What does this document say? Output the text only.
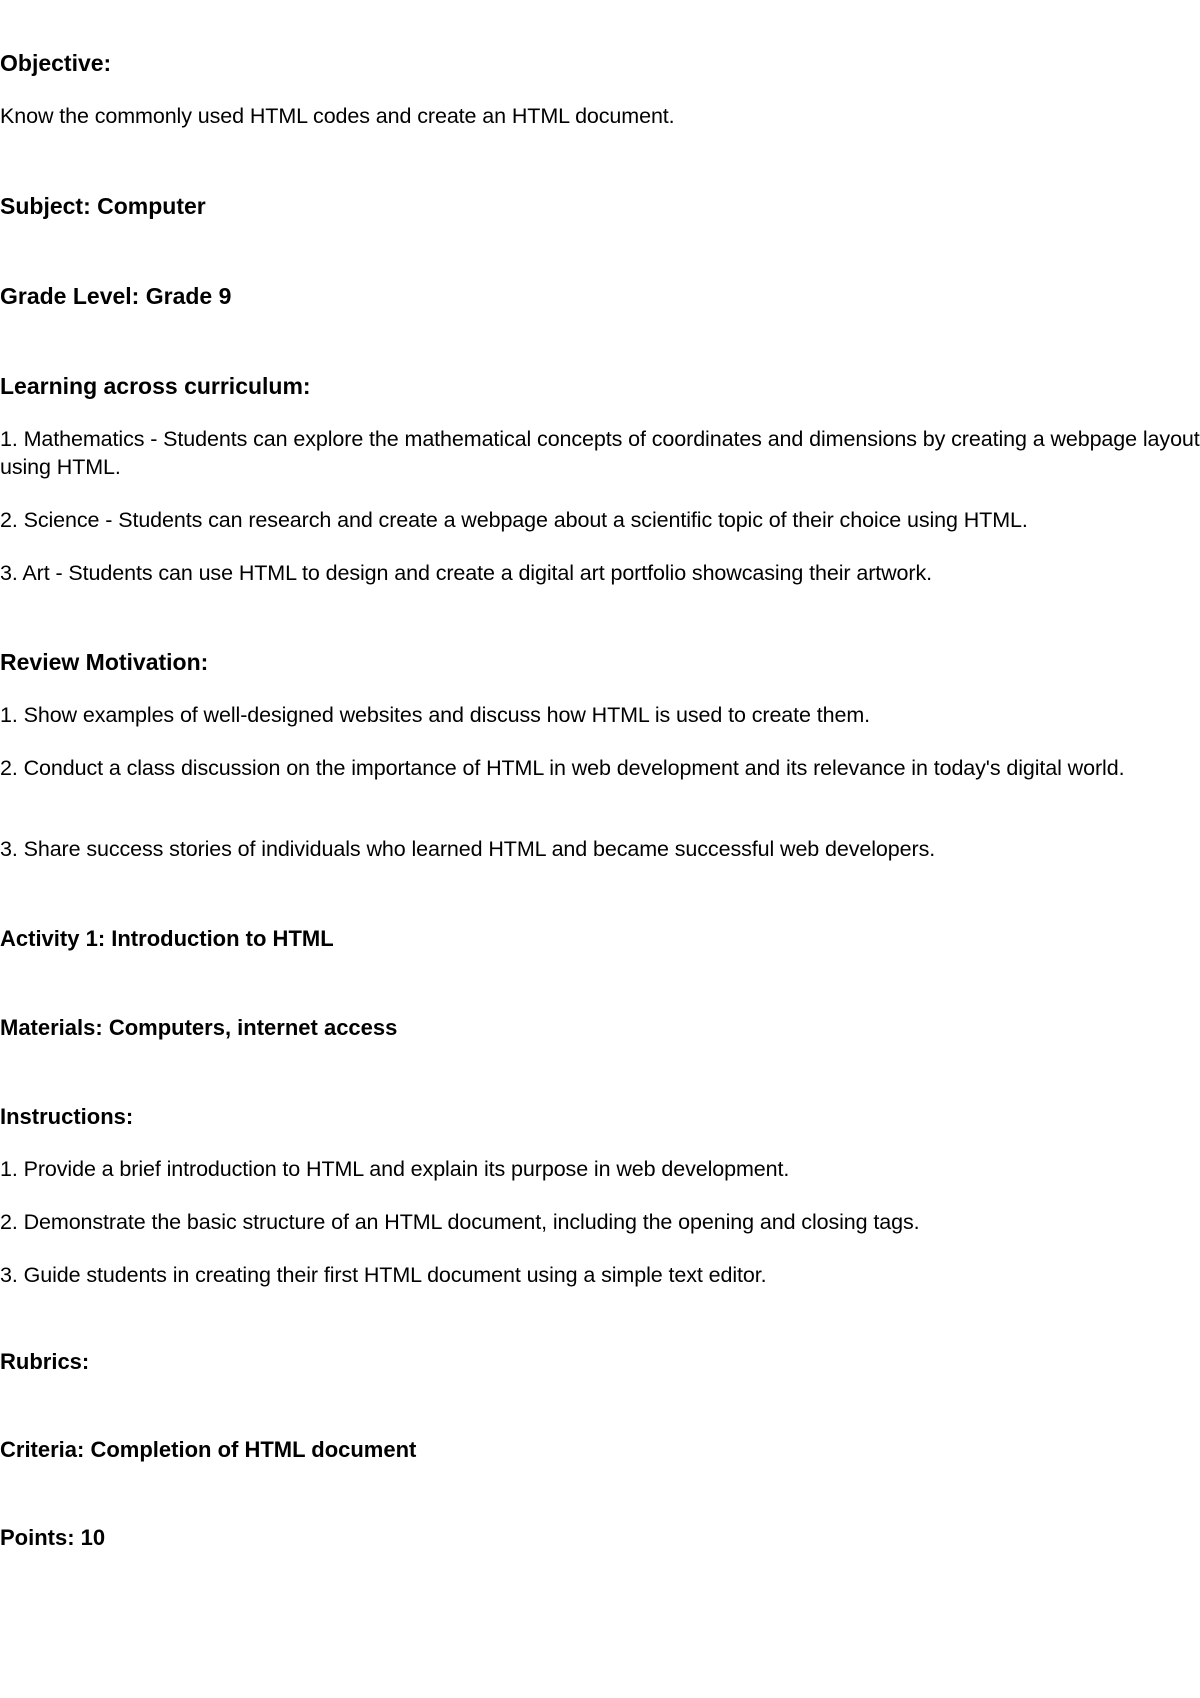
Objective:

Know the commonly used HTML codes and create an HTML document.

Subject: Computer

Grade Level: Grade 9

Learning across curriculum:

1. Mathematics - Students can explore the mathematical concepts of coordinates and dimensions by creating a webpage layout using HTML.

2. Science - Students can research and create a webpage about a scientific topic of their choice using HTML.

3. Art - Students can use HTML to design and create a digital art portfolio showcasing their artwork.

Review Motivation:

1. Show examples of well-designed websites and discuss how HTML is used to create them.

2. Conduct a class discussion on the importance of HTML in web development and its relevance in today's digital world.

3. Share success stories of individuals who learned HTML and became successful web developers.

Activity 1: Introduction to HTML

Materials: Computers, internet access

Instructions:

1. Provide a brief introduction to HTML and explain its purpose in web development.

2. Demonstrate the basic structure of an HTML document, including the opening and closing tags.

3. Guide students in creating their first HTML document using a simple text editor.

Rubrics:

Criteria: Completion of HTML document

Points: 10
